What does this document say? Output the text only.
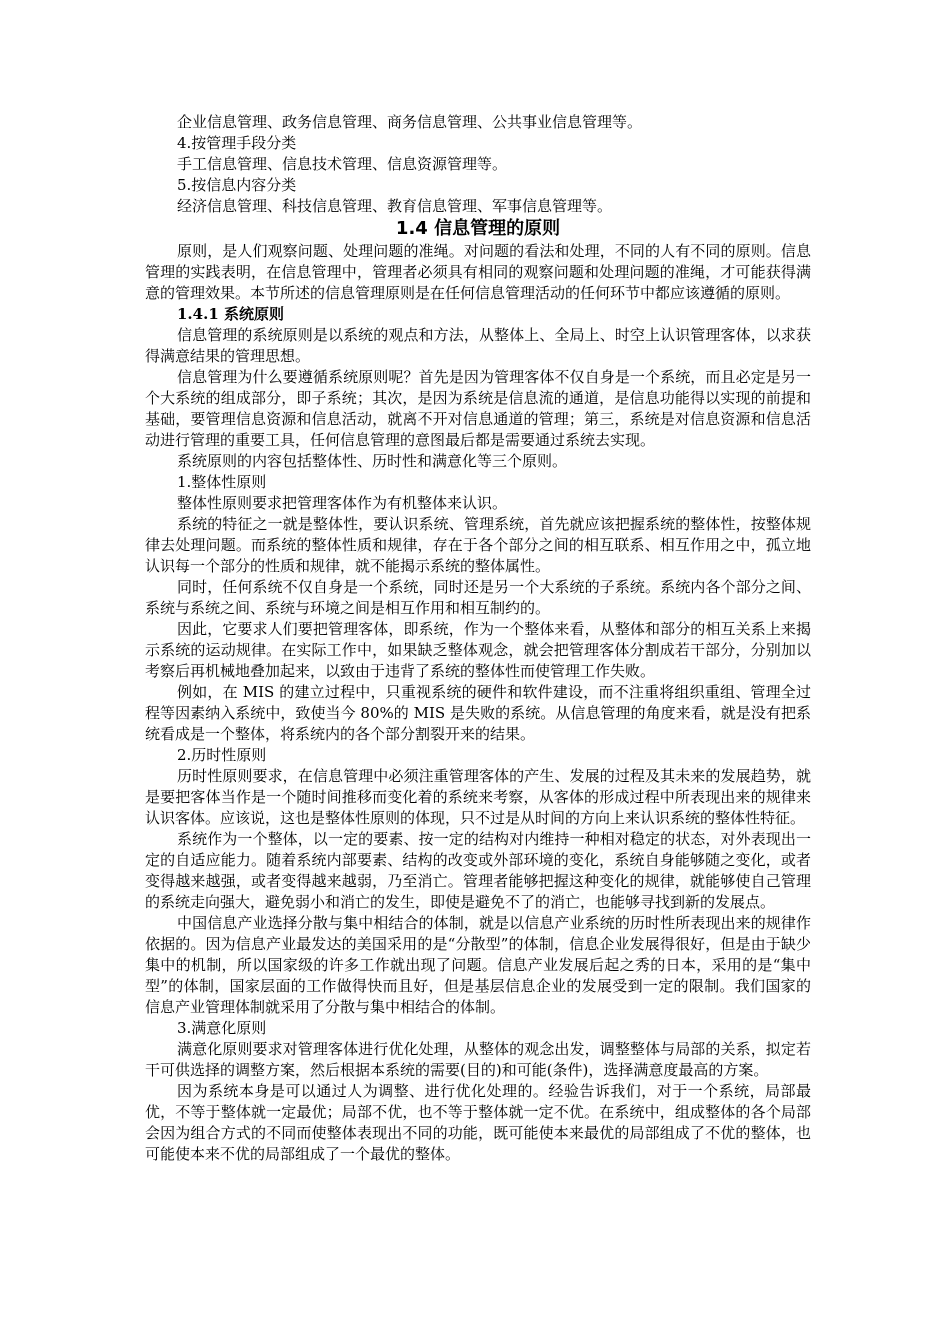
企业信息管理、政务信息管理、商务信息管理、公共事业信息管理等。

4.按管理手段分类

手工信息管理、信息技术管理、信息资源管理等。

5.按信息内容分类

经济信息管理、科技信息管理、教育信息管理、军事信息管理等。

1.4 信息管理的原则

原则，是人们观察问题、处理问题的准绳。对问题的看法和处理，不同的人有不同的原则。信息管理的实践表明，在信息管理中，管理者必须具有相同的观察问题和处理问题的准绳，才可能获得满意的管理效果。本节所述的信息管理原则是在任何信息管理活动的任何环节中都应该遵循的原则。

1.4.1 系统原则

信息管理的系统原则是以系统的观点和方法，从整体上、全局上、时空上认识管理客体，以求获得满意结果的管理思想。

信息管理为什么要遵循系统原则呢？首先是因为管理客体不仅自身是一个系统，而且必定是另一个大系统的组成部分，即子系统；其次，是因为系统是信息流的通道，是信息功能得以实现的前提和基础，要管理信息资源和信息活动，就离不开对信息通道的管理；第三，系统是对信息资源和信息活动进行管理的重要工具，任何信息管理的意图最后都是需要通过系统去实现。

系统原则的内容包括整体性、历时性和满意化等三个原则。

1.整体性原则

整体性原则要求把管理客体作为有机整体来认识。

系统的特征之一就是整体性，要认识系统、管理系统，首先就应该把握系统的整体性，按整体规律去处理问题。而系统的整体性质和规律，存在于各个部分之间的相互联系、相互作用之中，孤立地认识每一个部分的性质和规律，就不能揭示系统的整体属性。

同时，任何系统不仅自身是一个系统，同时还是另一个大系统的子系统。系统内各个部分之间、系统与系统之间、系统与环境之间是相互作用和相互制约的。

因此，它要求人们要把管理客体，即系统，作为一个整体来看，从整体和部分的相互关系上来揭示系统的运动规律。在实际工作中，如果缺乏整体观念，就会把管理客体分割成若干部分，分别加以考察后再机械地叠加起来，以致由于违背了系统的整体性而使管理工作失败。

例如，在 MIS 的建立过程中，只重视系统的硬件和软件建设，而不注重将组织重组、管理全过程等因素纳入系统中，致使当今 80%的 MIS 是失败的系统。从信息管理的角度来看，就是没有把系统看成是一个整体，将系统内的各个部分割裂开来的结果。

2.历时性原则

历时性原则要求，在信息管理中必须注重管理客体的产生、发展的过程及其未来的发展趋势，就是要把客体当作是一个随时间推移而变化着的系统来考察，从客体的形成过程中所表现出来的规律来认识客体。应该说，这也是整体性原则的体现，只不过是从时间的方向上来认识系统的整体性特征。

系统作为一个整体，以一定的要素、按一定的结构对内维持一种相对稳定的状态，对外表现出一定的自适应能力。随着系统内部要素、结构的改变或外部环境的变化，系统自身能够随之变化，或者变得越来越强，或者变得越来越弱，乃至消亡。管理者能够把握这种变化的规律，就能够使自己管理的系统走向强大，避免弱小和消亡的发生，即使是避免不了的消亡，也能够寻找到新的发展点。

中国信息产业选择分散与集中相结合的体制，就是以信息产业系统的历时性所表现出来的规律作依据的。因为信息产业最发达的美国采用的是“分散型”的体制，信息企业发展得很好，但是由于缺少集中的机制，所以国家级的许多工作就出现了问题。信息产业发展后起之秀的日本，采用的是“集中型”的体制，国家层面的工作做得快而且好，但是基层信息企业的发展受到一定的限制。我们国家的信息产业管理体制就采用了分散与集中相结合的体制。

3.满意化原则

满意化原则要求对管理客体进行优化处理，从整体的观念出发，调整整体与局部的关系，拟定若干可供选择的调整方案，然后根据本系统的需要(目的)和可能(条件)，选择满意度最高的方案。

因为系统本身是可以通过人为调整、进行优化处理的。经验告诉我们，对于一个系统，局部最优，不等于整体就一定最优；局部不优，也不等于整体就一定不优。在系统中，组成整体的各个局部会因为组合方式的不同而使整体表现出不同的功能，既可能使本来最优的局部组成了不优的整体，也可能使本来不优的局部组成了一个最优的整体。
